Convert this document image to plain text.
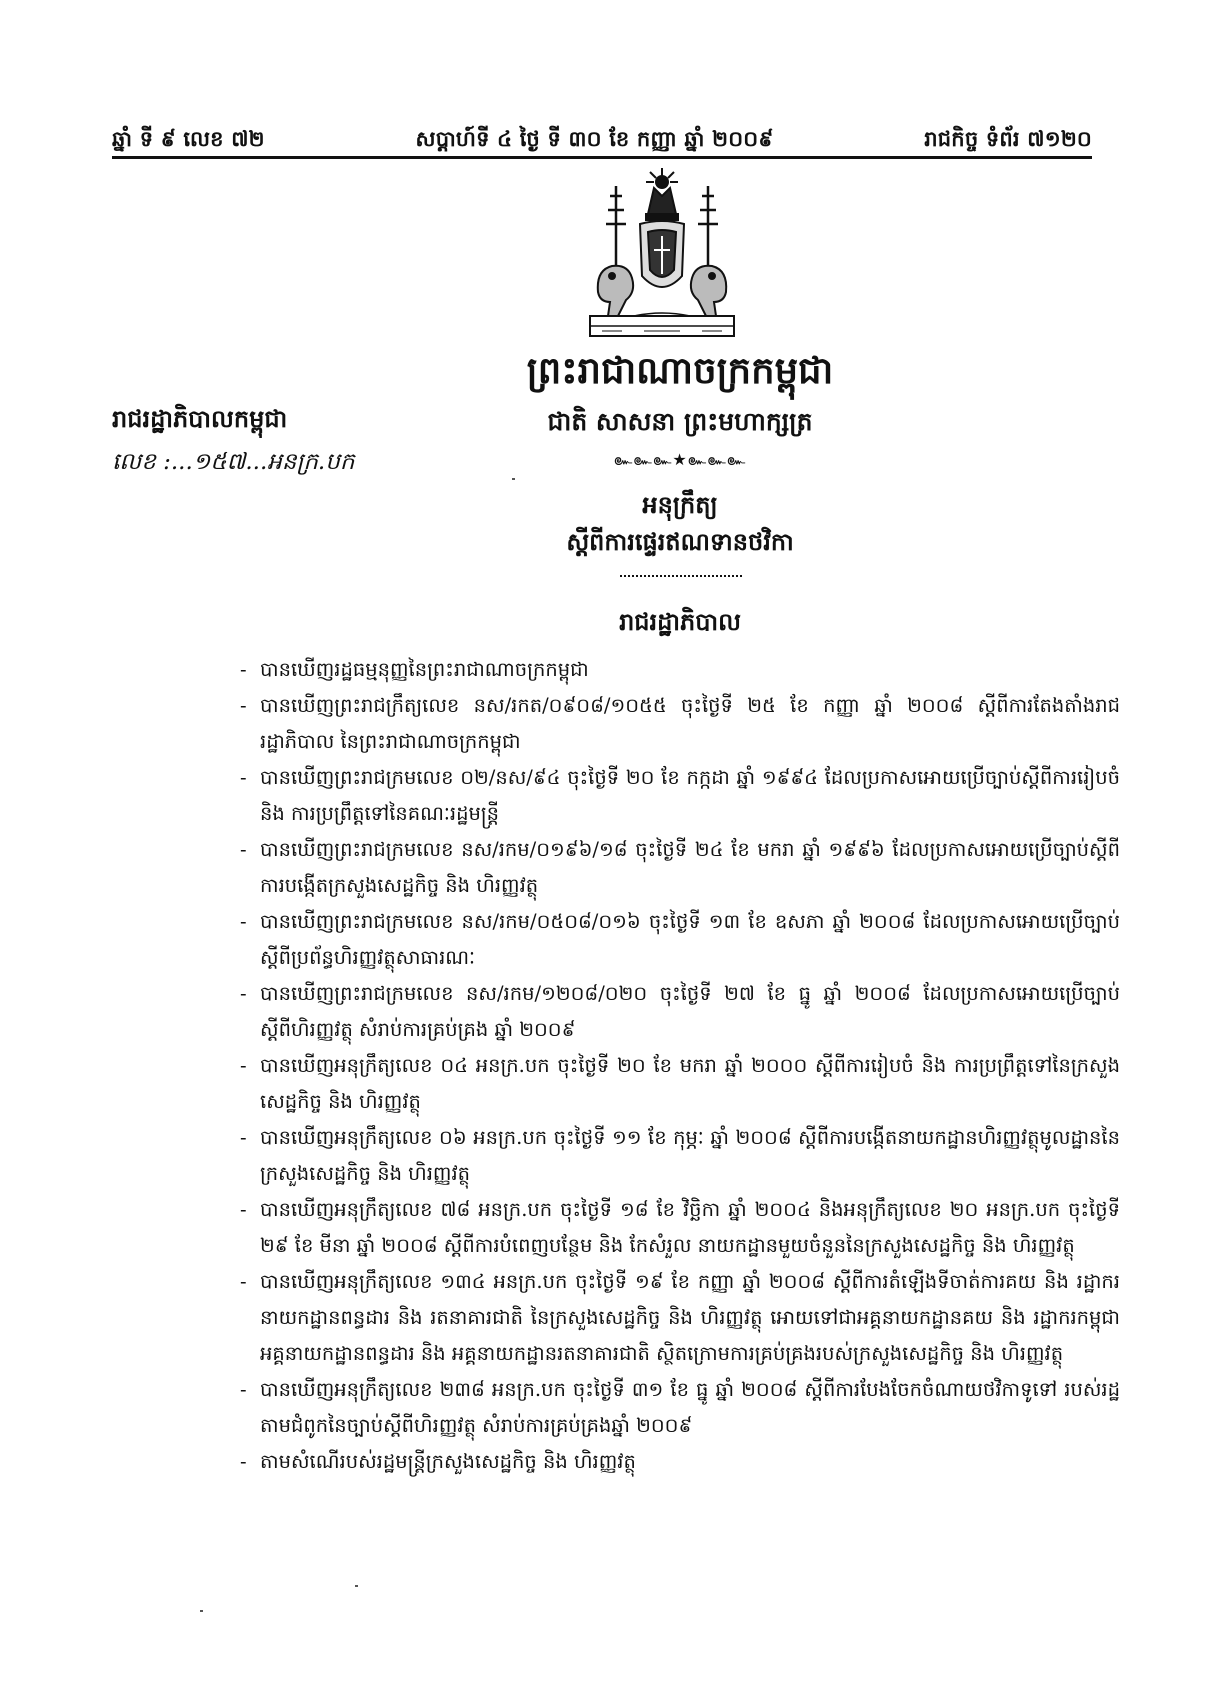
ឆ្នាំ ទី ៩ លេខ ៧២	សប្តាហ៍ទី ៤ ថ្ងៃ ទី ៣០ ខែ កញ្ញា ឆ្នាំ ២០០៩	រាជកិច្ច ទំព័រ ៧១២០
ព្រះរាជាណាចក្រកម្ពុជា
ជាតិ សាសនា ព្រះមហាក្សត្រ
๛๛๛★๛๛๛
រាជរដ្ឋាភិបាលកម្ពុជា
លេខ :...១៥៧...អនក្រ.បក
អនុក្រឹត្យ
ស្តីពីការផ្ទេរឥណទានថវិកា
រាជរដ្ឋាភិបាល
- បានឃើញរដ្ឋធម្មនុញ្ញនៃព្រះរាជាណាចក្រកម្ពុជា
- បានឃើញព្រះរាជក្រឹត្យលេខ នស/រកត/០៩០៨/១០៥៥ ចុះថ្ងៃទី ២៥ ខែ កញ្ញា ឆ្នាំ ២០០៨ ស្តីពីការតែងតាំងរាជរដ្ឋាភិបាល នៃព្រះរាជាណាចក្រកម្ពុជា
- បានឃើញព្រះរាជក្រមលេខ ០២/នស/៩៤ ចុះថ្ងៃទី ២០ ខែ កក្កដា ឆ្នាំ ១៩៩៤ ដែលប្រកាសអោយប្រើច្បាប់ស្តីពីការរៀបចំ និង ការប្រព្រឹត្តទៅនៃគណៈរដ្ឋមន្ត្រី
- បានឃើញព្រះរាជក្រមលេខ នស/រកម/០១៩៦/១៨ ចុះថ្ងៃទី ២៤ ខែ មករា ឆ្នាំ ១៩៩៦ ដែលប្រកាសអោយប្រើច្បាប់ស្តីពីការបង្កើតក្រសួងសេដ្ឋកិច្ច និង ហិរញ្ញវត្ថុ
- បានឃើញព្រះរាជក្រមលេខ នស/រកម/០៥០៨/០១៦ ចុះថ្ងៃទី ១៣ ខែ ឧសភា ឆ្នាំ ២០០៨ ដែលប្រកាសអោយប្រើច្បាប់ស្តីពីប្រព័ន្ធហិរញ្ញវត្ថុសាធារណៈ
- បានឃើញព្រះរាជក្រមលេខ នស/រកម/១២០៨/០២០ ចុះថ្ងៃទី ២៧ ខែ ធ្នូ ឆ្នាំ ២០០៨ ដែលប្រកាសអោយប្រើច្បាប់ស្តីពីហិរញ្ញវត្ថុ សំរាប់ការគ្រប់គ្រង ឆ្នាំ ២០០៩
- បានឃើញអនុក្រឹត្យលេខ ០៤ អនក្រ.បក ចុះថ្ងៃទី ២០ ខែ មករា ឆ្នាំ ២០០០ ស្តីពីការរៀបចំ និង ការប្រព្រឹត្តទៅនៃក្រសួង សេដ្ឋកិច្ច និង ហិរញ្ញវត្ថុ
- បានឃើញអនុក្រឹត្យលេខ ០៦ អនក្រ.បក ចុះថ្ងៃទី ១១ ខែ កុម្ភៈ ឆ្នាំ ២០០៨ ស្តីពីការបង្កើតនាយកដ្ឋានហិរញ្ញវត្ថុមូលដ្ឋាននៃក្រសួងសេដ្ឋកិច្ច និង ហិរញ្ញវត្ថុ
- បានឃើញអនុក្រឹត្យលេខ ៧៨ អនក្រ.បក ចុះថ្ងៃទី ១៨ ខែ វិច្ឆិកា ឆ្នាំ ២០០៤ និងអនុក្រឹត្យលេខ ២០ អនក្រ.បក ចុះថ្ងៃទី ២៩ ខែ មីនា ឆ្នាំ ២០០៨ ស្តីពីការបំពេញបន្ថែម និង កែសំរួល នាយកដ្ឋានមួយចំនួននៃក្រសួងសេដ្ឋកិច្ច និង ហិរញ្ញវត្ថុ
- បានឃើញអនុក្រឹត្យលេខ ១៣៤ អនក្រ.បក ចុះថ្ងៃទី ១៩ ខែ កញ្ញា ឆ្នាំ ២០០៨ ស្តីពីការតំឡើងទីចាត់ការគយ និង រដ្ឋាករ នាយកដ្ឋានពន្ធដារ និង រតនាគារជាតិ នៃក្រសួងសេដ្ឋកិច្ច និង ហិរញ្ញវត្ថុ អោយទៅជាអគ្គនាយកដ្ឋានគយ និង រដ្ឋាករកម្ពុជា អគ្គនាយកដ្ឋានពន្ធដារ និង អគ្គនាយកដ្ឋានរតនាគារជាតិ ស្ថិតក្រោមការគ្រប់គ្រងរបស់ក្រសួងសេដ្ឋកិច្ច និង ហិរញ្ញវត្ថុ
- បានឃើញអនុក្រឹត្យលេខ ២៣៨ អនក្រ.បក ចុះថ្ងៃទី ៣១ ខែ ធ្នូ ឆ្នាំ ២០០៨ ស្តីពីការបែងចែកចំណាយថវិកាទូទៅ របស់រដ្ឋតាមជំពូកនៃច្បាប់ស្តីពីហិរញ្ញវត្ថុ សំរាប់ការគ្រប់គ្រងឆ្នាំ ២០០៩
- តាមសំណើរបស់រដ្ឋមន្ត្រីក្រសួងសេដ្ឋកិច្ច និង ហិរញ្ញវត្ថុ
